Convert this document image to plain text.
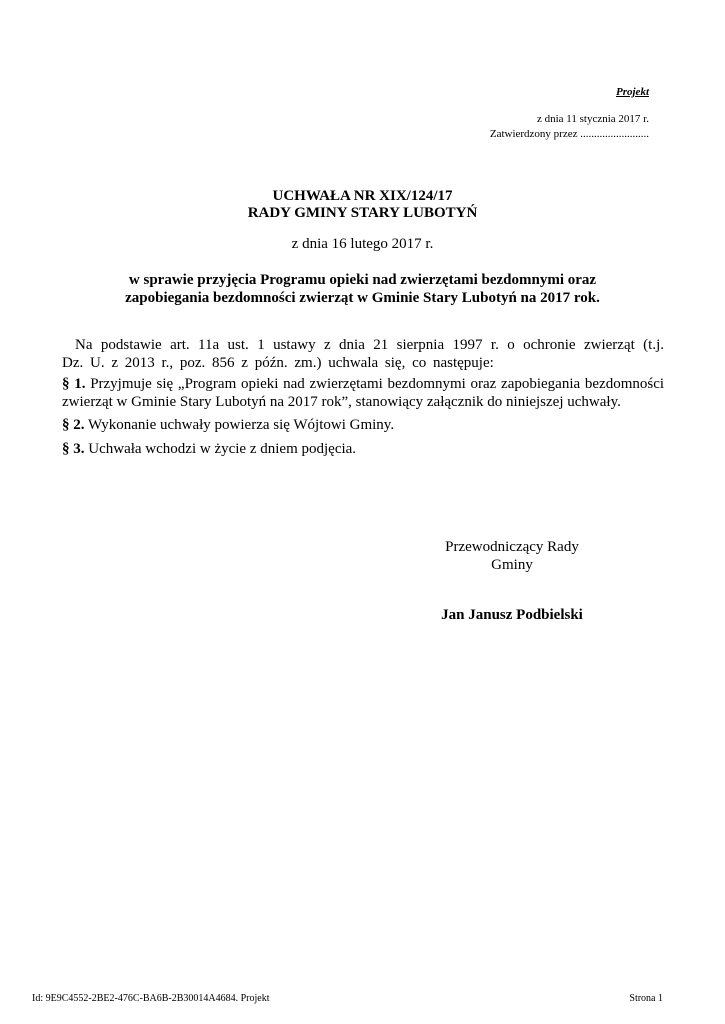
Projekt
z dnia 11 stycznia 2017 r.
Zatwierdzony przez .........................
UCHWAŁA NR XIX/124/17
RADY GMINY STARY LUBOTYŃ
z dnia 16 lutego 2017 r.
w sprawie przyjęcia Programu opieki nad zwierzętami bezdomnymi oraz zapobiegania bezdomności zwierząt w Gminie Stary Lubotyń na 2017 rok.
Na podstawie art. 11a ust. 1 ustawy z dnia 21 sierpnia 1997 r. o ochronie zwierząt (t.j. Dz. U. z 2013 r., poz. 856 z późn. zm.) uchwala się, co następuje:
§ 1. Przyjmuje się „Program opieki nad zwierzętami bezdomnymi oraz zapobiegania bezdomności zwierząt w Gminie Stary Lubotyń na 2017 rok”, stanowiący załącznik do niniejszej uchwały.
§ 2. Wykonanie uchwały powierza się Wójtowi Gminy.
§ 3. Uchwała wchodzi w życie z dniem podjęcia.
Przewodniczący Rady
Gminy
Jan Janusz Podbielski
Id: 9E9C4552-2BE2-476C-BA6B-2B30014A4684. Projekt	Strona 1
